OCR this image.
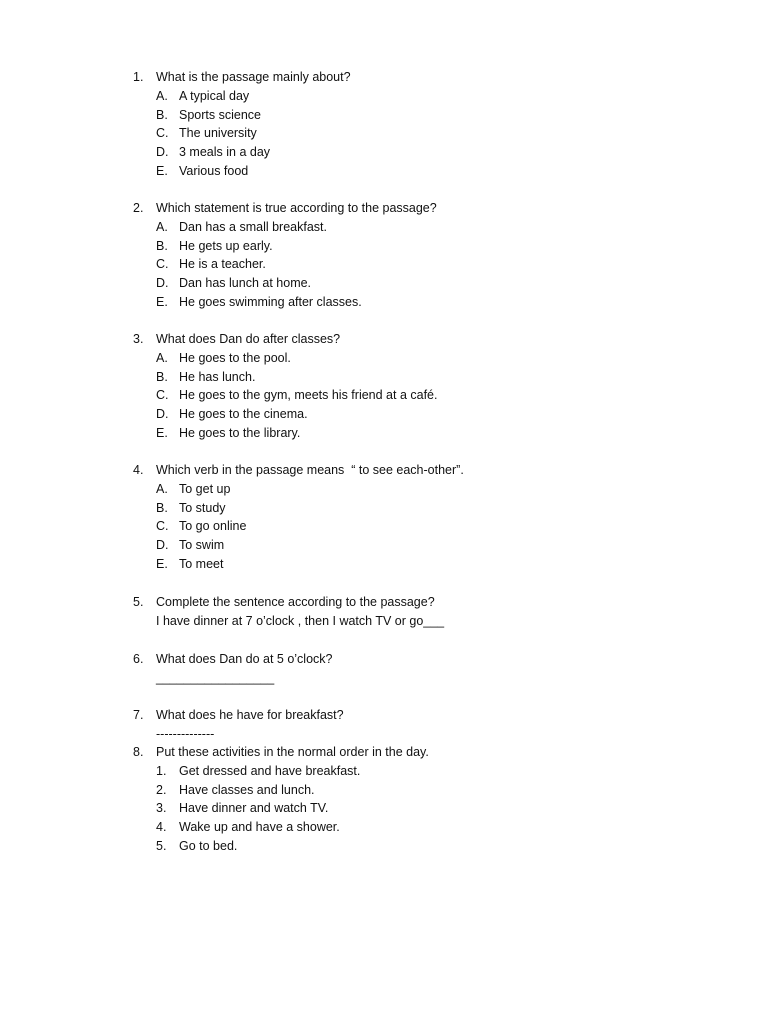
1. What is the passage mainly about?
A. A typical day
B. Sports science
C. The university
D. 3 meals in a day
E. Various food
2. Which statement is true according to the passage?
A. Dan has a small breakfast.
B. He gets up early.
C. He is a teacher.
D. Dan has lunch at home.
E. He goes swimming after classes.
3. What does Dan do after classes?
A. He goes to the pool.
B. He has lunch.
C. He goes to the gym, meets his friend at a café.
D. He goes to the cinema.
E. He goes to the library.
4. Which verb in the passage means  “ to see each-other”.
A. To get up
B. To study
C. To go online
D. To swim
E. To meet
5. Complete the sentence according to the passage?
I have dinner at 7 o’clock , then I watch TV or go___
6. What does Dan do at 5 o’clock?
_________________
7. What does he have for breakfast?
--------------
8. Put these activities in the normal order in the day.
1. Get dressed and have breakfast.
2. Have classes and lunch.
3. Have dinner and watch TV.
4. Wake up and have a shower.
5. Go to bed.
